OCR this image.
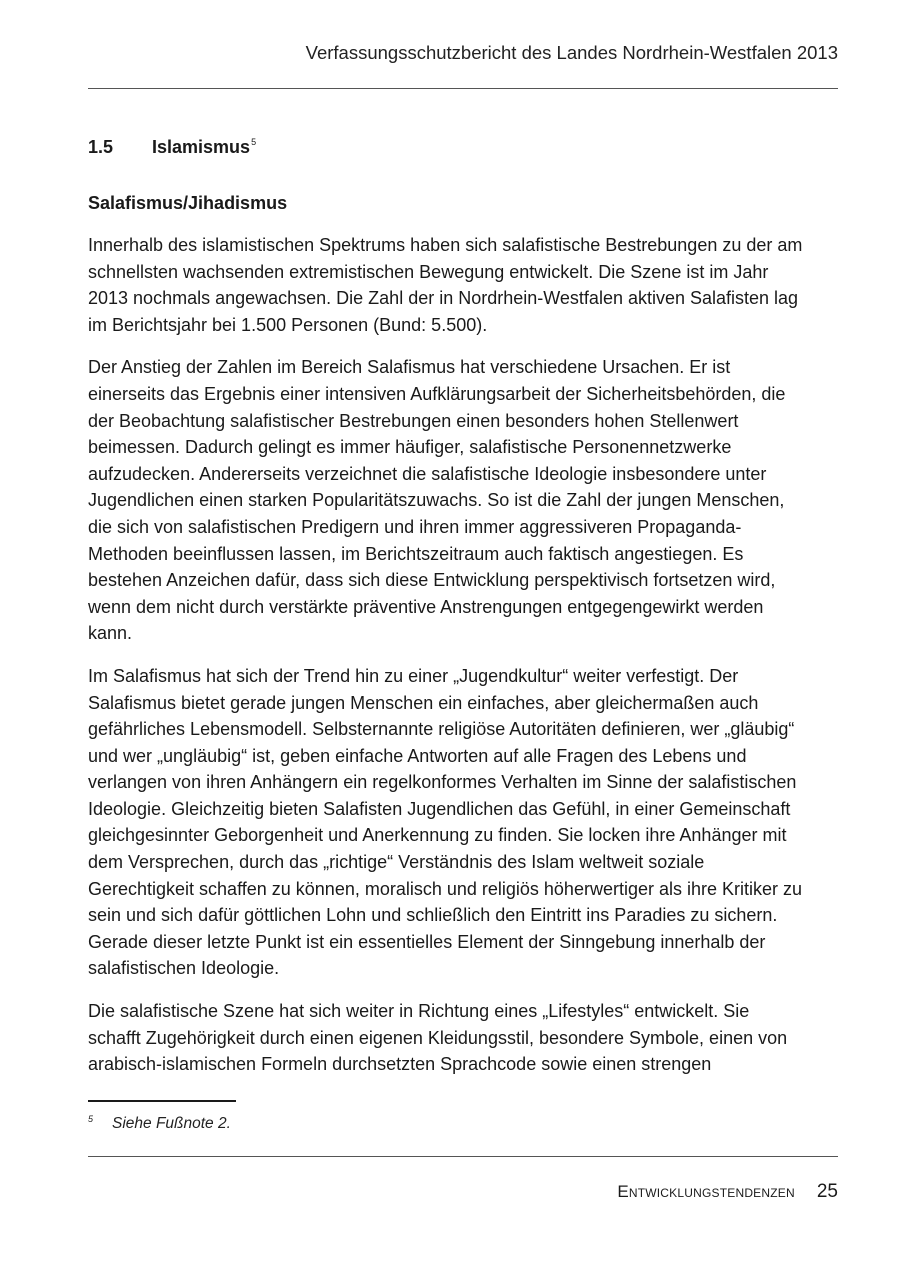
Verfassungsschutzbericht des Landes Nordrhein-Westfalen 2013
1.5 Islamismus$^5$
Salafismus/Jihadismus

Innerhalb des islamistischen Spektrums haben sich salafistische Bestrebungen zu der am schnellsten wachsenden extremistischen Bewegung entwickelt. Die Szene ist im Jahr 2013 nochmals angewachsen. Die Zahl der in Nordrhein-Westfalen aktiven Salafisten lag im Berichtsjahr bei 1.500 Personen (Bund: 5.500).

Der Anstieg der Zahlen im Bereich Salafismus hat verschiedene Ursachen. Er ist einerseits das Ergebnis einer intensiven Aufklärungsarbeit der Sicherheitsbehörden, die der Beobachtung salafistischer Bestrebungen einen besonders hohen Stellenwert beimessen. Dadurch gelingt es immer häufiger, salafistische Personennetzwerke aufzudecken. Andererseits verzeichnet die salafistische Ideologie insbesondere unter Jugendlichen einen starken Popularitätszuwachs. So ist die Zahl der jungen Menschen, die sich von salafistischen Predigern und ihren immer aggressiveren Propaganda-Methoden beeinflussen lassen, im Berichtszeitraum auch faktisch angestiegen. Es bestehen Anzeichen dafür, dass sich diese Entwicklung perspektivisch fortsetzen wird, wenn dem nicht durch verstärkte präventive Anstrengungen entgegengewirkt werden kann.

Im Salafismus hat sich der Trend hin zu einer „Jugendkultur“ weiter verfestigt. Der Salafismus bietet gerade jungen Menschen ein einfaches, aber gleichermaßen auch gefährliches Lebensmodell. Selbsternannte religiöse Autoritäten definieren, wer „gläubig“ und wer „ungläubig“ ist, geben einfache Antworten auf alle Fragen des Lebens und verlangen von ihren Anhängern ein regelkonformes Verhalten im Sinne der salafistischen Ideologie. Gleichzeitig bieten Salafisten Jugendlichen das Gefühl, in einer Gemeinschaft gleichgesinnter Geborgenheit und Anerkennung zu finden. Sie locken ihre Anhänger mit dem Versprechen, durch das „richtige“ Verständnis des Islam weltweit soziale Gerechtigkeit schaffen zu können, moralisch und religiös höherwertiger als ihre Kritiker zu sein und sich dafür göttlichen Lohn und schließlich den Eintritt ins Paradies zu sichern. Gerade dieser letzte Punkt ist ein essentielles Element der Sinngebung innerhalb der salafistischen Ideologie.

Die salafistische Szene hat sich weiter in Richtung eines „Lifestyles“ entwickelt. Sie schafft Zugehörigkeit durch einen eigenen Kleidungsstil, besondere Symbole, einen von arabisch-islamischen Formeln durchsetzten Sprachcode sowie einen strengen

5 Siehe Fußnote 2.
Entwicklungstendenzen 25
